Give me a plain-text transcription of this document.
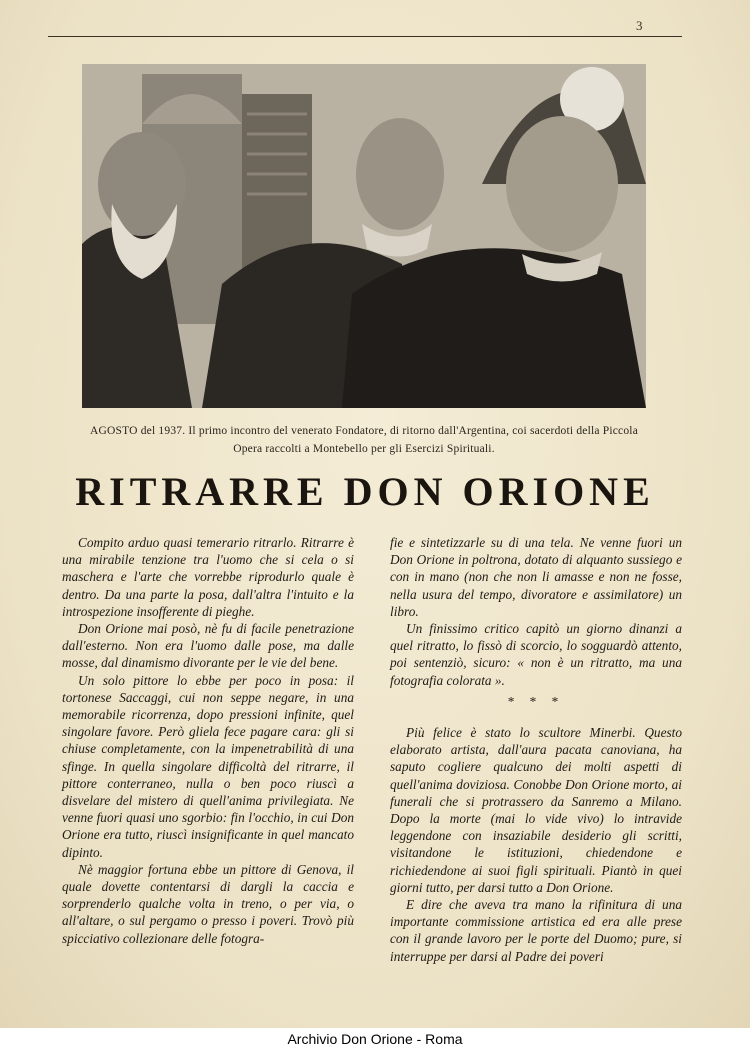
3
AGOSTO del 1937. Il primo incontro del venerato Fondatore, di ritorno dall'Argentina, coi sacerdoti della Piccola Opera raccolti a Montebello per gli Esercizi Spirituali.
RITRARRE DON ORIONE

Compito arduo quasi temerario ritrarlo. Ritrarre è una mirabile tenzione tra l'uomo che si cela o si maschera e l'arte che vorrebbe riprodurlo quale è dentro. Da una parte la posa, dall'altra l'intuito e la introspezione insofferente di pieghe.

Don Orione mai posò, nè fu di facile penetrazione dall'esterno. Non era l'uomo dalle pose, ma dalle mosse, dal dinamismo divorante per le vie del bene.

Un solo pittore lo ebbe per poco in posa: il tortonese Saccaggi, cui non seppe negare, in una memorabile ricorrenza, dopo pressioni infinite, quel singolare favore. Però gliela fece pagare cara: gli si chiuse completamente, con la impenetrabilità di una sfinge. In quella singolare difficoltà del ritrarre, il pittore conterraneo, nulla o ben poco riuscì a disvelare del mistero di quell'anima privilegiata. Ne venne fuori quasi uno sgorbio: fin l'occhio, in cui Don Orione era tutto, riuscì insignificante in quel mancato dipinto.

Nè maggior fortuna ebbe un pittore di Genova, il quale dovette contentarsi di dargli la caccia e sorprenderlo qualche volta in treno, o per via, o all'altare, o sul pergamo o presso i poveri. Trovò più spicciativo collezionare delle fotogra-

fie e sintetizzarle su di una tela. Ne venne fuori un Don Orione in poltrona, dotato di alquanto sussiego e con in mano (non che non li amasse e non ne fosse, nella usura del tempo, divoratore e assimilatore) un libro.

Un finissimo critico capitò un giorno dinanzi a quel ritratto, lo fissò di scorcio, lo sogguardò attento, poi sentenziò, sicuro: « non è un ritratto, ma una fotografia colorata ».

* * *

Più felice è stato lo scultore Minerbi. Questo elaborato artista, dall'aura pacata canoviana, ha saputo cogliere qualcuno dei molti aspetti di quell'anima doviziosa. Conobbe Don Orione morto, ai funerali che si protrassero da Sanremo a Milano. Dopo la morte (mai lo vide vivo) lo intravide leggendone con insaziabile desiderio gli scritti, visitandone le istituzioni, chiedendone e richiedendone ai suoi figli spirituali. Piantò in quei giorni tutto, per darsi tutto a Don Orione.

E dire che aveva tra mano la rifinitura di una importante commissione artistica ed era alle prese con il grande lavoro per le porte del Duomo; pure, si interruppe per darsi al Padre dei poveri

Archivio Don Orione - Roma
